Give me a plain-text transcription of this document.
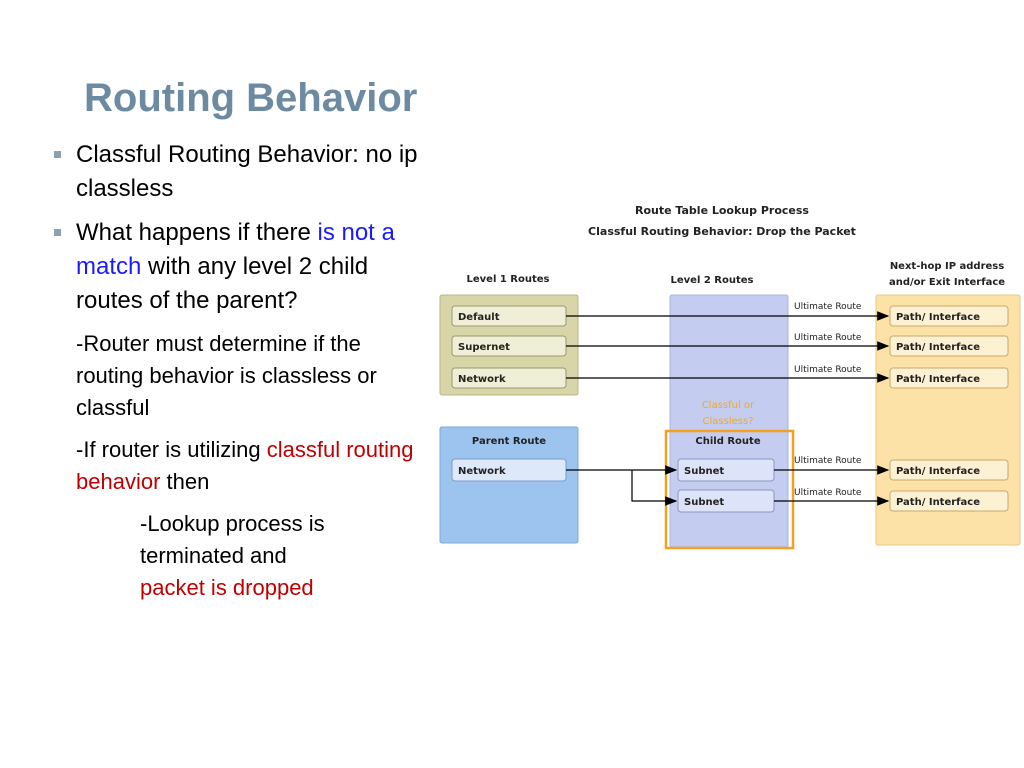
Routing Behavior
Classful Routing Behavior: no ip classless
What happens if there is not a match with any level 2 child routes of the parent?
-Router must determine if the routing behavior is classless or classful
-If router is utilizing classful routing behavior then
-Lookup process is terminated and
packet is dropped
Route Table Lookup Process
Classful Routing Behavior: Drop the Packet
Level 1 Routes	Level 2 Routes
Next-hop IP address
and/or Exit Interface
Default
Supernet
Network
Parent Route
Network
Classful or
Classless?
Child Route
Subnet
Subnet
Path/ Interface
Path/ Interface
Path/ Interface
Path/ Interface
Path/ Interface
Ultimate Route
Ultimate Route
Ultimate Route
Ultimate Route
Ultimate Route
